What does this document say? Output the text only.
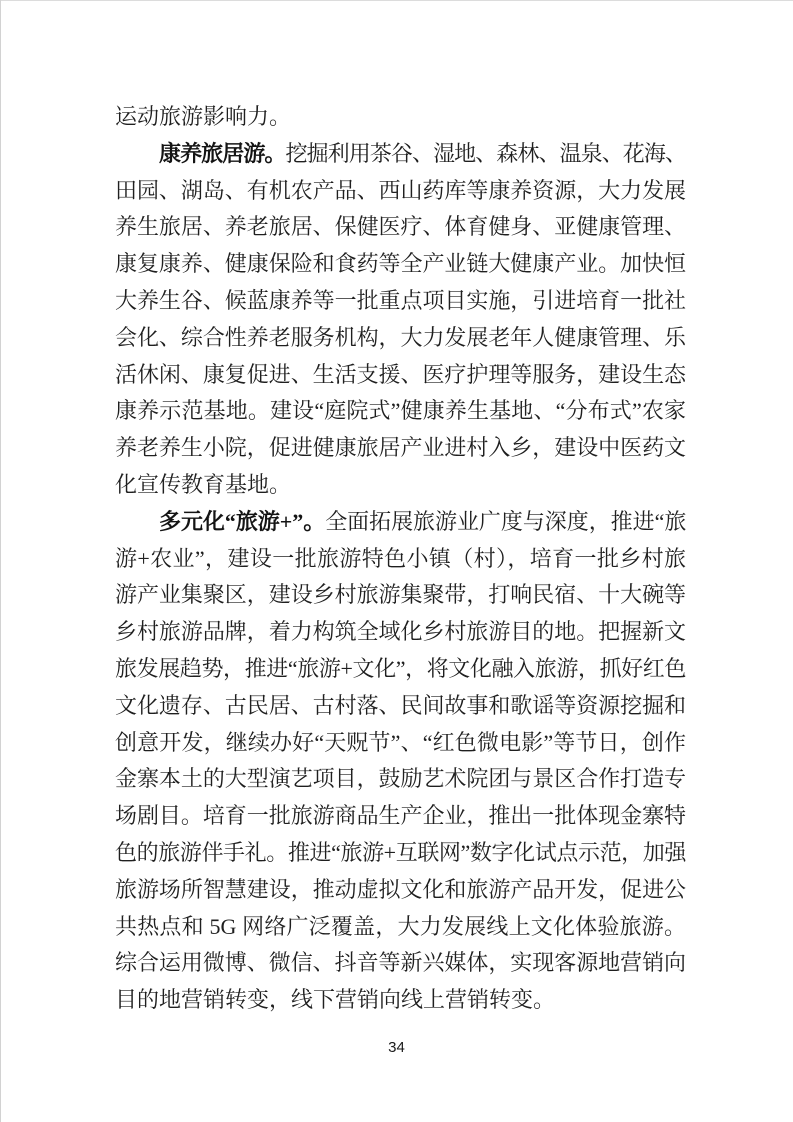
运动旅游影响力。
康养旅居游。挖掘利用茶谷、湿地、森林、温泉、花海、
田园、湖岛、有机农产品、西山药库等康养资源，大力发展
养生旅居、养老旅居、保健医疗、体育健身、亚健康管理、
康复康养、健康保险和食药等全产业链大健康产业。加快恒
大养生谷、候蓝康养等一批重点项目实施，引进培育一批社
会化、综合性养老服务机构，大力发展老年人健康管理、乐
活休闲、康复促进、生活支援、医疗护理等服务，建设生态
康养示范基地。建设“庭院式”健康养生基地、“分布式”农家
养老养生小院，促进健康旅居产业进村入乡，建设中医药文
化宣传教育基地。
多元化“旅游+”。全面拓展旅游业广度与深度，推进“旅
游+农业”，建设一批旅游特色小镇（村），培育一批乡村旅
游产业集聚区，建设乡村旅游集聚带，打响民宿、十大碗等
乡村旅游品牌，着力构筑全域化乡村旅游目的地。把握新文
旅发展趋势，推进“旅游+文化”，将文化融入旅游，抓好红色
文化遗存、古民居、古村落、民间故事和歌谣等资源挖掘和
创意开发，继续办好“天贶节”、“红色微电影”等节日，创作
金寨本土的大型演艺项目，鼓励艺术院团与景区合作打造专
场剧目。培育一批旅游商品生产企业，推出一批体现金寨特
色的旅游伴手礼。推进“旅游+互联网”数字化试点示范，加强
旅游场所智慧建设，推动虚拟文化和旅游产品开发，促进公
共热点和 5G 网络广泛覆盖，大力发展线上文化体验旅游。
综合运用微博、微信、抖音等新兴媒体，实现客源地营销向
目的地营销转变，线下营销向线上营销转变。
34
